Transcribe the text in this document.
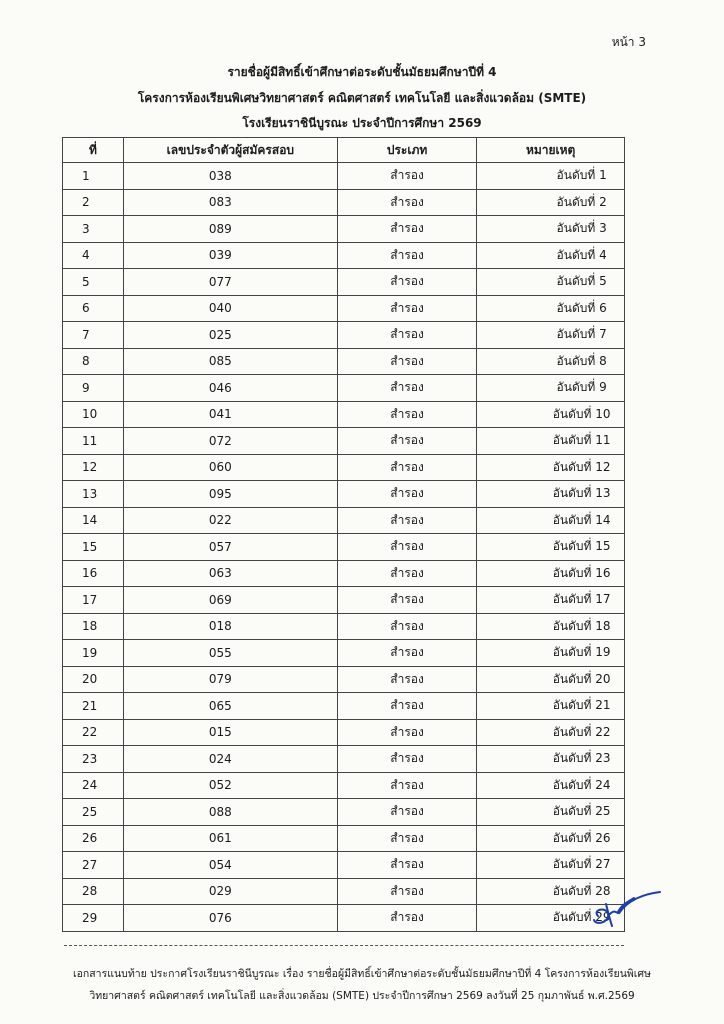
หน้า 3
รายชื่อผู้มีสิทธิ์เข้าศึกษาต่อระดับชั้นมัธยมศึกษาปีที่ 4
โครงการห้องเรียนพิเศษวิทยาศาสตร์ คณิตศาสตร์ เทคโนโลยี และสิ่งแวดล้อม (SMTE)
โรงเรียนราชินีบูรณะ ประจำปีการศึกษา 2569
ที่	เลขประจำตัวผู้สมัครสอบ	ประเภท	หมายเหตุ
1	038	สำรอง	อันดับที่ 1
2	083	สำรอง	อันดับที่ 2
3	089	สำรอง	อันดับที่ 3
4	039	สำรอง	อันดับที่ 4
5	077	สำรอง	อันดับที่ 5
6	040	สำรอง	อันดับที่ 6
7	025	สำรอง	อันดับที่ 7
8	085	สำรอง	อันดับที่ 8
9	046	สำรอง	อันดับที่ 9
10	041	สำรอง	อันดับที่ 10
11	072	สำรอง	อันดับที่ 11
12	060	สำรอง	อันดับที่ 12
13	095	สำรอง	อันดับที่ 13
14	022	สำรอง	อันดับที่ 14
15	057	สำรอง	อันดับที่ 15
16	063	สำรอง	อันดับที่ 16
17	069	สำรอง	อันดับที่ 17
18	018	สำรอง	อันดับที่ 18
19	055	สำรอง	อันดับที่ 19
20	079	สำรอง	อันดับที่ 20
21	065	สำรอง	อันดับที่ 21
22	015	สำรอง	อันดับที่ 22
23	024	สำรอง	อันดับที่ 23
24	052	สำรอง	อันดับที่ 24
25	088	สำรอง	อันดับที่ 25
26	061	สำรอง	อันดับที่ 26
27	054	สำรอง	อันดับที่ 27
28	029	สำรอง	อันดับที่ 28
29	076	สำรอง	อันดับที่ 29
เอกสารแนบท้าย ประกาศโรงเรียนราชินีบูรณะ เรื่อง รายชื่อผู้มีสิทธิ์เข้าศึกษาต่อระดับชั้นมัธยมศึกษาปีที่ 4 โครงการห้องเรียนพิเศษ
วิทยาศาสตร์ คณิตศาสตร์ เทคโนโลยี และสิ่งแวดล้อม (SMTE) ประจำปีการศึกษา 2569 ลงวันที่ 25 กุมภาพันธ์ พ.ศ.2569
